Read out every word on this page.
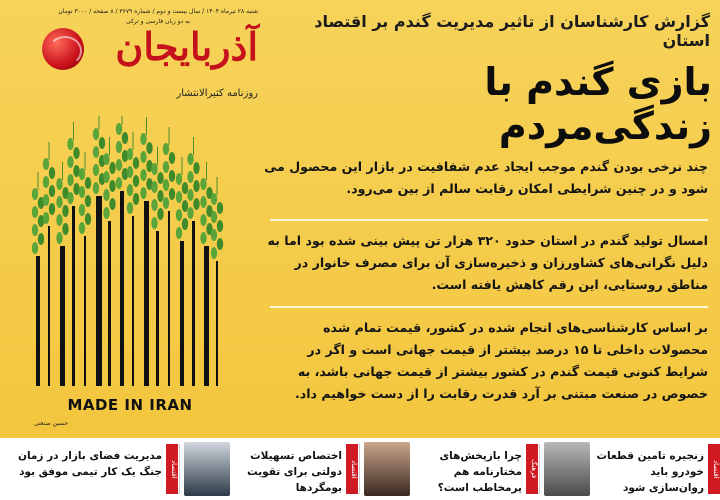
شنبه ۲۸ تیرماه ۱۴۰۴ / سال بیست و دوم / شماره ۳۶۷۹ / ۸ صفحه / ۳۰۰۰ تومان
به دو زبان فارسی و ترکی
آذربایجان
روزنامه کثیرالانتشار
گزارش کارشناسان از تاثیر مدیریت گندم بر اقتصاد استان
بازی گندم با زندگی‌مردم
چند نرخی بودن گندم موجب ایجاد عدم شفافیت در بازار این محصول می شود و در چنین شرایطی امکان رقابت سالم از بین می‌رود.
امسال تولید گندم در استان حدود ۳۲۰ هزار تن پیش بینی شده بود اما به دلیل نگرانی‌های کشاورزان و ذخیره‌سازی آن برای مصرف خانوار در مناطق روستایی، این رقم کاهش یافته است.
بر اساس کارشناسی‌های انجام شده در کشور، قیمت تمام شده محصولات داخلی تا ۱۵ درصد بیشتر از قیمت جهانی است و اگر در شرایط کنونی قیمت گندم در کشور بیشتر از قیمت جهانی باشد، به خصوص در صنعت مبتنی بر آرد قدرت رقابت را از دست خواهیم داد.
MADE IN IRAN
حسین صنعتی
اقتصاد
زنجیره تامین قطعات خودرو باید روان‌سازی شود
فرهنگ
چرا بازپخش‌های مختارنامه هم پرمخاطب است؟
اقتصاد
اختصاص تسهیلات دولتی برای تقویت بومگردها
اقتصاد
مدیریت فضای بازار در زمان جنگ یک کار تیمی موفق بود
